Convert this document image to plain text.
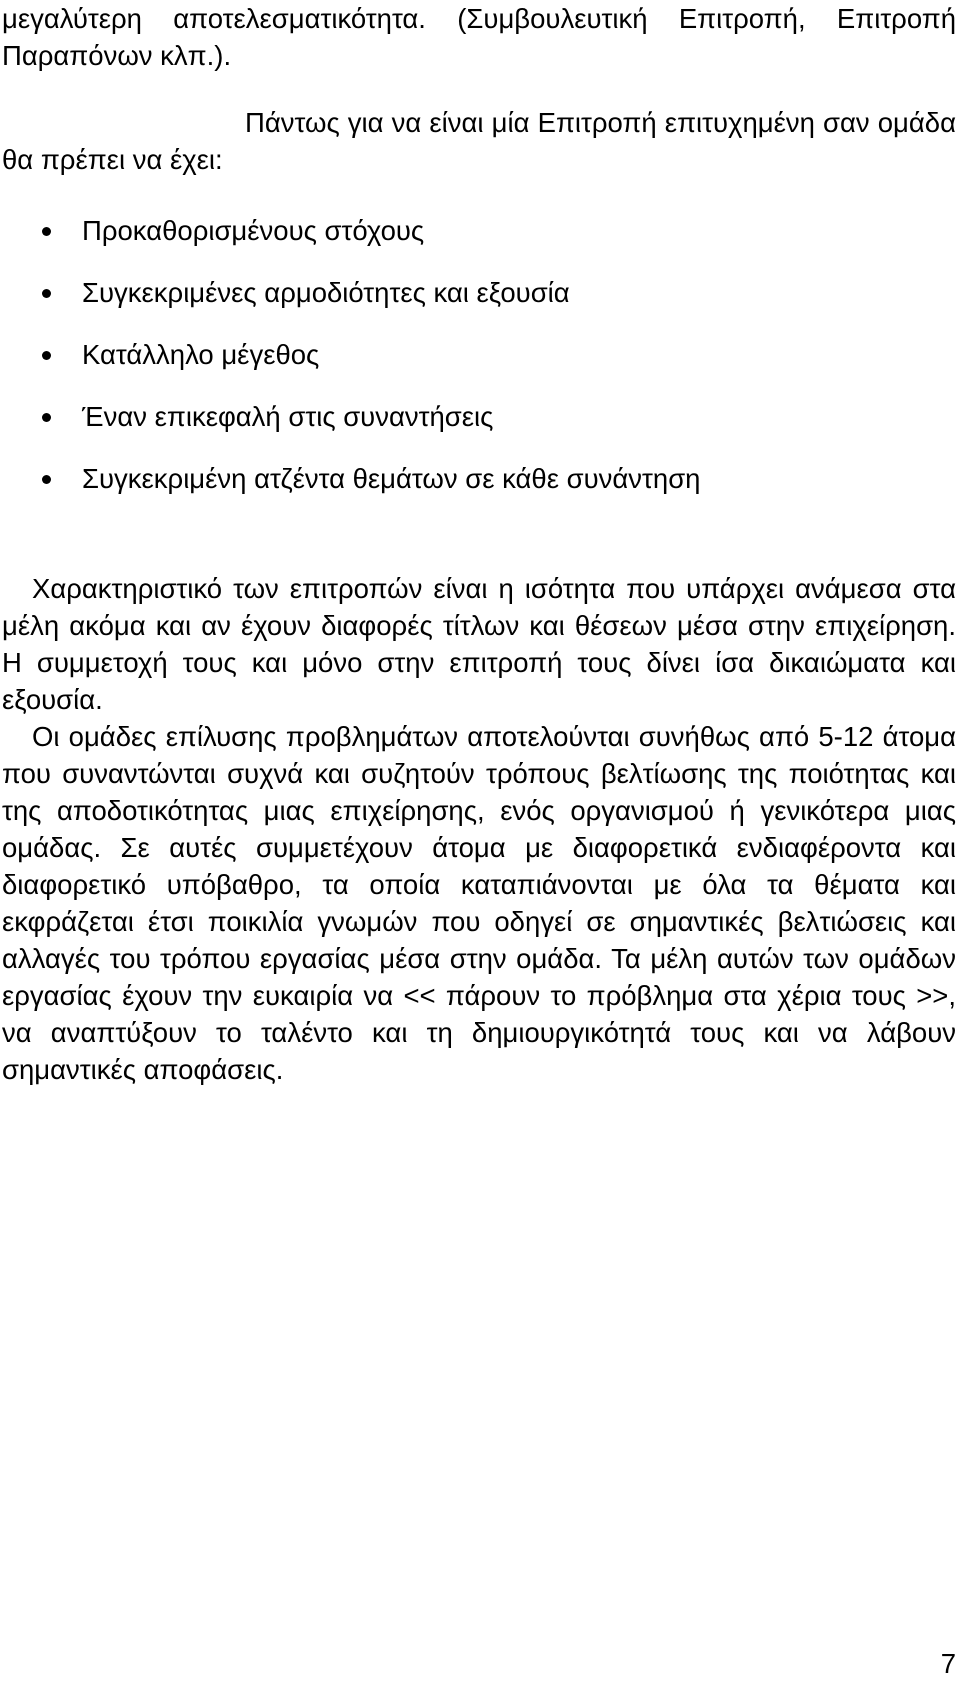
μεγαλύτερη αποτελεσματικότητα. (Συμβουλευτική Επιτροπή, Επιτροπή Παραπόνων κλπ.).

Πάντως για να είναι μία Επιτροπή επιτυχημένη σαν ομάδα θα πρέπει να έχει:

Προκαθορισμένους στόχους
Συγκεκριμένες αρμοδιότητες και εξουσία
Κατάλληλο μέγεθος
Έναν επικεφαλή στις συναντήσεις
Συγκεκριμένη ατζέντα θεμάτων σε κάθε συνάντηση

Χαρακτηριστικό των επιτροπών είναι η ισότητα που υπάρχει ανάμεσα στα μέλη ακόμα και αν έχουν διαφορές τίτλων και θέσεων μέσα στην επιχείρηση. Η συμμετοχή τους και μόνο στην επιτροπή τους δίνει ίσα δικαιώματα και εξουσία.

Οι ομάδες επίλυσης προβλημάτων αποτελούνται συνήθως από 5-12 άτομα που συναντώνται συχνά και συζητούν τρόπους βελτίωσης της ποιότητας και της αποδοτικότητας μιας επιχείρησης, ενός οργανισμού ή γενικότερα μιας ομάδας. Σε αυτές συμμετέχουν άτομα με διαφορετικά ενδιαφέροντα και διαφορετικό υπόβαθρο, τα οποία καταπιάνονται με όλα τα θέματα και εκφράζεται έτσι ποικιλία γνωμών που οδηγεί σε σημαντικές βελτιώσεις και αλλαγές του τρόπου εργασίας μέσα στην ομάδα. Τα μέλη αυτών των ομάδων εργασίας έχουν την ευκαιρία να << πάρουν το πρόβλημα στα χέρια τους >>, να αναπτύξουν το ταλέντο και τη δημιουργικότητά τους και να λάβουν σημαντικές αποφάσεις.

7
